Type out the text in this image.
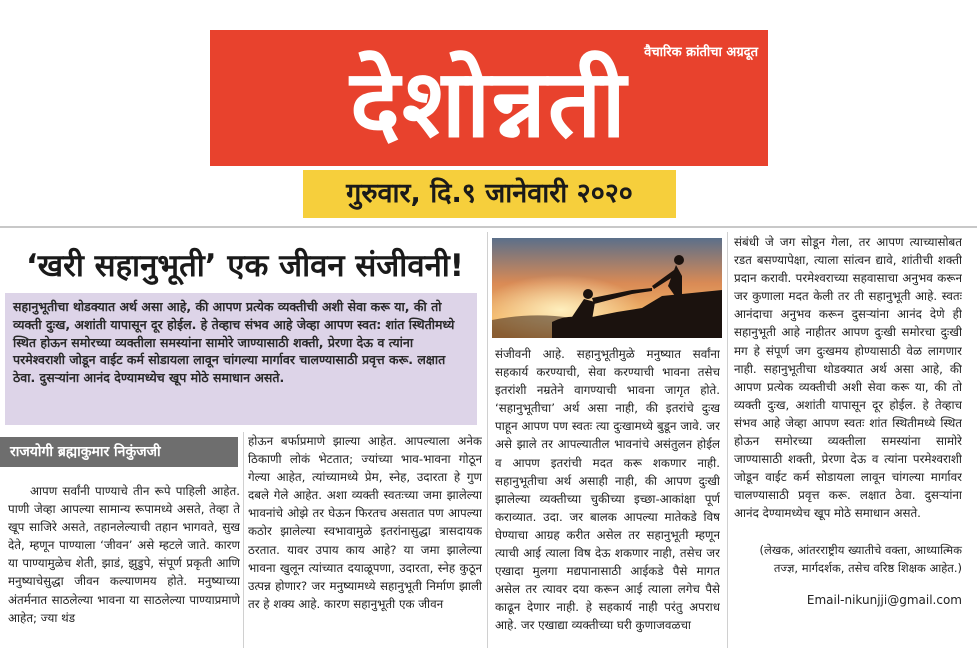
वैचारिक क्रांतीचा अग्रदूत
देशोन्नती
गुरुवार, दि.९ जानेवारी २०२०
‘खरी सहानुभूती’ एक जीवन संजीवनी!
सहानुभूतीचा थोडक्यात अर्थ असा आहे, की आपण प्रत्येक व्यक्तीची अशी सेवा करू या, की तो व्यक्ती दुःख, अशांती यापासून दूर होईल. हे तेव्हाच संभव आहे जेव्हा आपण स्वत: शांत स्थितीमध्ये स्थित होऊन समोरच्या व्यक्तीला समस्यांना सामोरे जाण्यासाठी शक्ती, प्रेरणा देऊ व त्यांना परमेश्वराशी जोडून वाईट कर्म सोडायला लावून चांगल्या मार्गावर चालण्यासाठी प्रवृत्त करू. लक्षात ठेवा. दुसऱ्यांना आनंद देण्यामध्येच खूप मोठे समाधान असते.
राजयोगी ब्रह्माकुमार निकुंजजी
आपण सर्वांनी पाण्याचे तीन रूपे पाहिली आहेत. पाणी जेव्हा आपल्या सामान्य रूपामध्ये असते, तेव्हा ते खूप साजिरे असते, तहानलेल्याची तहान भागवते, सुख देते, म्हणून पाण्याला ‘जीवन’ असे म्हटले जाते. कारण या पाण्यामुळेच शेती, झाडं, झुडुपे, संपूर्ण प्रकृती आणि मनुष्याचेसुद्धा जीवन कल्याणमय होते. मनुष्याच्या अंतर्मनात साठलेल्या भावना या साठलेल्या पाण्याप्रमाणे आहेत; ज्या थंड
होऊन बर्फाप्रमाणे झाल्या आहेत. आपल्याला अनेक ठिकाणी लोकं भेटतात; ज्यांच्या भाव-भावना गोठून गेल्या आहेत, त्यांच्यामध्ये प्रेम, स्नेह, उदारता हे गुण दबले गेले आहेत. अशा व्यक्ती स्वतःच्या जमा झालेल्या भावनांचे ओझे तर घेऊन फिरतच असतात पण आपल्या कठोर झालेल्या स्वभावामुळे इतरांनासुद्धा त्रासदायक ठरतात. यावर उपाय काय आहे? या जमा झालेल्या भावना खुलून त्यांच्यात दयाळूपणा, उदारता, स्नेह कुठून उत्पन्न होणार? जर मनुष्यामध्ये सहानुभूती निर्माण झाली तर हे शक्य आहे. कारण सहानुभूती एक जीवन
संजीवनी आहे. सहानुभूतीमुळे मनुष्यात सर्वांना सहकार्य करण्याची, सेवा करण्याची भावना तसेच इतरांशी नम्रतेने वागण्याची भावना जागृत होते. ‘सहानुभूतीचा’ अर्थ असा नाही, की इतरांचे दुःख पाहून आपण पण स्वतः त्या दुःखामध्ये बुडून जावे. जर असे झाले तर आपल्यातील भावनांचे असंतुलन होईल व आपण इतरांची मदत करू शकणार नाही. सहानुभूतीचा अर्थ असाही नाही, की आपण दुःखी झालेल्या व्यक्तीच्या चुकीच्या इच्छा-आकांक्षा पूर्ण कराव्यात. उदा. जर बालक आपल्या मातेकडे विष घेण्याचा आग्रह करीत असेल तर सहानुभूती म्हणून त्याची आई त्याला विष देऊ शकणार नाही, तसेच जर एखादा मुलगा मद्यपानासाठी आईकडे पैसे मागत असेल तर त्यावर दया करून आई त्याला लगेच पैसे काढून देणार नाही. हे सहकार्य नाही परंतु अपराध आहे. जर एखाद्या व्यक्तीच्या घरी कुणाजवळचा
संबंधी जे जग सोडून गेला, तर आपण त्याच्यासोबत रडत बसण्यापेक्षा, त्याला सांत्वन द्यावे, शांतीची शक्ती प्रदान करावी. परमेश्वराच्या सहवासाचा अनुभव करून जर कुणाला मदत केली तर ती सहानुभूती आहे. स्वतः आनंदाचा अनुभव करून दुसऱ्यांना आनंद देणे ही सहानुभूती आहे नाहीतर आपण दुःखी समोरचा दुःखी मग हे संपूर्ण जग दुःखमय होण्यासाठी वेळ लागणार नाही. सहानुभूतीचा थोडक्यात अर्थ असा आहे, की आपण प्रत्येक व्यक्तीची अशी सेवा करू या, की तो व्यक्ती दुःख, अशांती यापासून दूर होईल. हे तेव्हाच संभव आहे जेव्हा आपण स्वतः शांत स्थितीमध्ये स्थित होऊन समोरच्या व्यक्तीला समस्यांना सामोरे जाण्यासाठी शक्ती, प्रेरणा देऊ व त्यांना परमेश्वराशी जोडून वाईट कर्म सोडायला लावून चांगल्या मार्गावर चालण्यासाठी प्रवृत्त करू. लक्षात ठेवा. दुसऱ्यांना आनंद देण्यामध्येच खूप मोठे समाधान असते.
(लेखक, आंतरराष्ट्रीय ख्यातीचे वक्ता, आध्यात्मिक तज्ज्ञ, मार्गदर्शक, तसेच वरिष्ठ शिक्षक आहेत.)
Email-nikunjji@gmail.com
